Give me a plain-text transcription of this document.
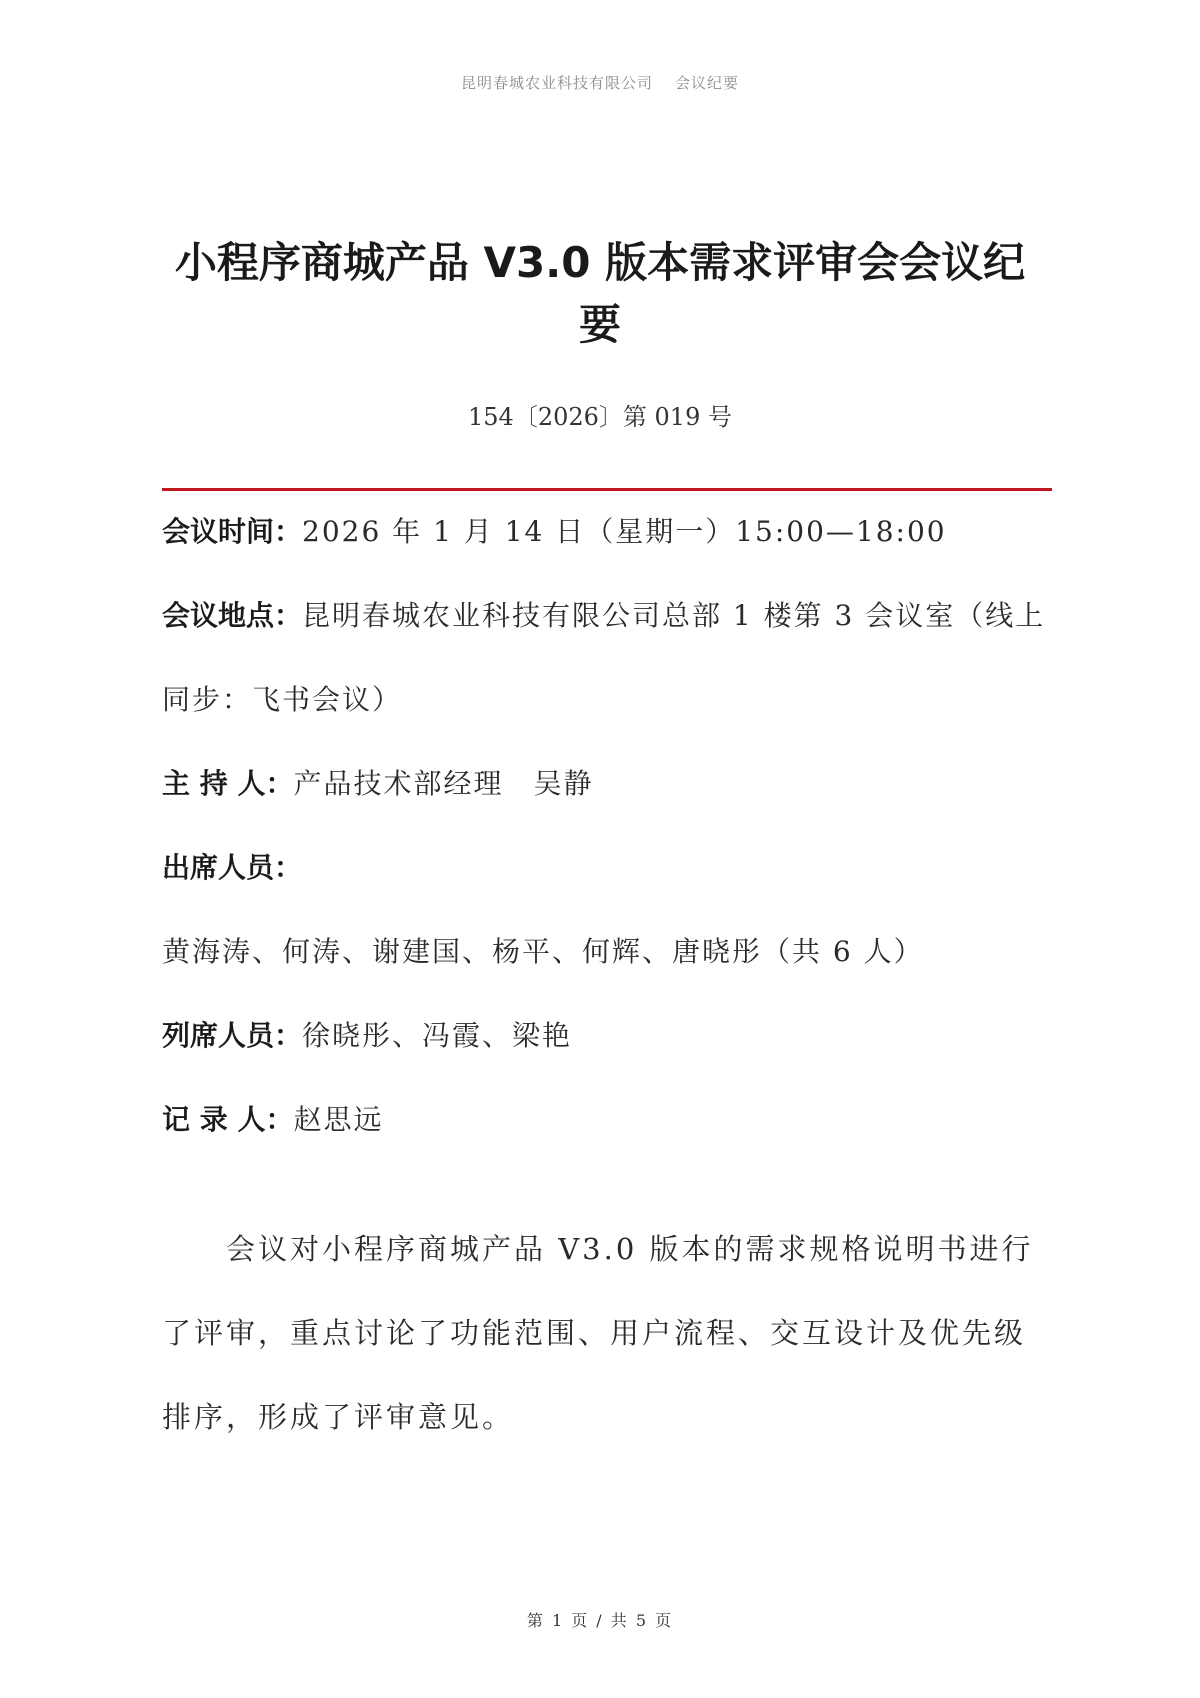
昆明春城农业科技有限公司 会议纪要
小程序商城产品 V3.0 版本需求评审会会议纪要
154〔2026〕第 019 号
会议时间：2026 年 1 月 14 日（星期一）15:00—18:00
会议地点：昆明春城农业科技有限公司总部 1 楼第 3 会议室（线上同步：飞书会议）
主 持 人：产品技术部经理　吴静
出席人员：黄海涛、何涛、谢建国、杨平、何辉、唐晓彤（共 6 人）
列席人员：徐晓彤、冯霞、梁艳
记 录 人：赵思远
会议对小程序商城产品 V3.0 版本的需求规格说明书进行了评审，重点讨论了功能范围、用户流程、交互设计及优先级排序，形成了评审意见。
第 1 页 / 共 5 页
